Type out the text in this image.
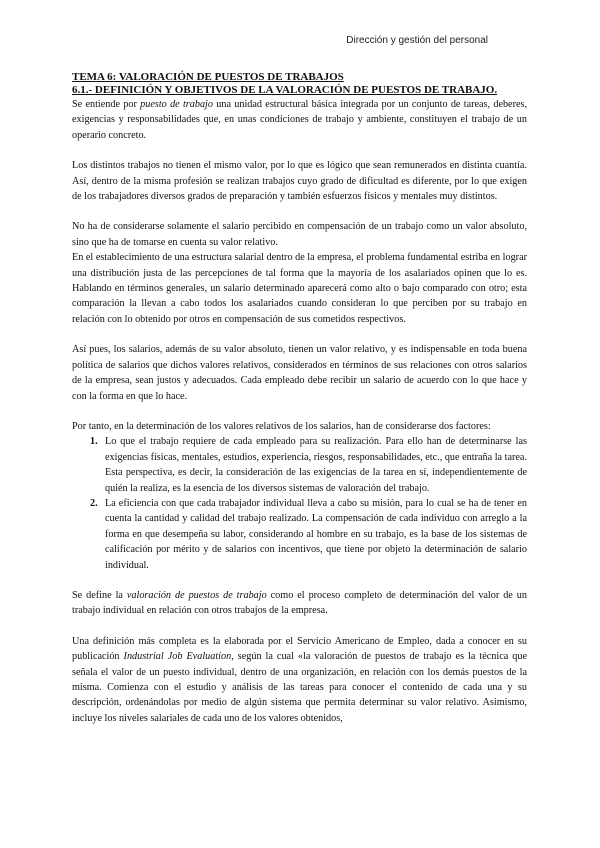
Dirección y gestión del personal
TEMA 6: VALORACIÓN DE PUESTOS DE TRABAJOS
6.1.- DEFINICIÓN Y OBJETIVOS DE LA VALORACIÓN DE PUESTOS DE TRABAJO.

Se entiende por puesto de trabajo una unidad estructural básica integrada por un conjunto de tareas, deberes, exigencias y responsabilidades que, en unas condiciones de trabajo y ambiente, constituyen el trabajo de un operario concreto.

Los distintos trabajos no tienen el mismo valor, por lo que es lógico que sean remunerados en distinta cuantía. Así, dentro de la misma profesión se realizan trabajos cuyo grado de dificultad es diferente, por lo que exigen de los trabajadores diversos grados de preparación y también esfuerzos físicos y mentales muy distintos.

No ha de considerarse solamente el salario percibido en compensación de un trabajo como un valor absoluto, sino que ha de tomarse en cuenta su valor relativo.

En el establecimiento de una estructura salarial dentro de la empresa, el problema fundamental estriba en lograr una distribución justa de las percepciones de tal forma que la mayoría de los asalariados opinen que lo es. Hablando en términos generales, un salario determinado aparecerá como alto o bajo comparado con otro; esta comparación la llevan a cabo todos los asalariados cuando consideran lo que perciben por su trabajo en relación con lo obtenido por otros en compensación de sus cometidos respectivos.

Así pues, los salarios, además de su valor absoluto, tienen un valor relativo, y es indispensable en toda buena política de salarios que dichos valores relativos, considerados en términos de sus relaciones con otros salarios de la empresa, sean justos y adecuados. Cada empleado debe recibir un salario de acuerdo con lo que hace y con la forma en que lo hace.

Por tanto, en la determinación de los valores relativos de los salarios, han de considerarse dos factores:

1. Lo que el trabajo requiere de cada empleado para su realización. Para ello han de determinarse las exigencias físicas, mentales, estudios, experiencia, riesgos, responsabilidades, etc., que entraña la tarea. Esta perspectiva, es decir, la consideración de las exigencias de la tarea en sí, independientemente de quién la realiza, es la esencia de los diversos sistemas de valoración del trabajo.
2. La eficiencia con que cada trabajador individual lleva a cabo su misión, para lo cual se ha de tener en cuenta la cantidad y calidad del trabajo realizado. La compensación de cada individuo con arreglo a la forma en que desempeña su labor, considerando al hombre en su trabajo, es la base de los sistemas de calificación por mérito y de salarios con incentivos, que tiene por objeto la determinación de salario individual.

Se define la valoración de puestos de trabajo como el proceso completo de determinación del valor de un trabajo individual en relación con otros trabajos de la empresa.

Una definición más completa es la elaborada por el Servicio Americano de Empleo, dada a conocer en su publicación Industrial Job Evaluation, según la cual «la valoración de puestos de trabajo es la técnica que señala el valor de un puesto individual, dentro de una organización, en relación con los demás puestos de la misma. Comienza con el estudio y análisis de las tareas para conocer el contenido de cada una y su descripción, ordenándolas por medio de algún sistema que permita determinar su valor relativo. Asimismo, incluye los niveles salariales de cada uno de los valores obtenidos,
